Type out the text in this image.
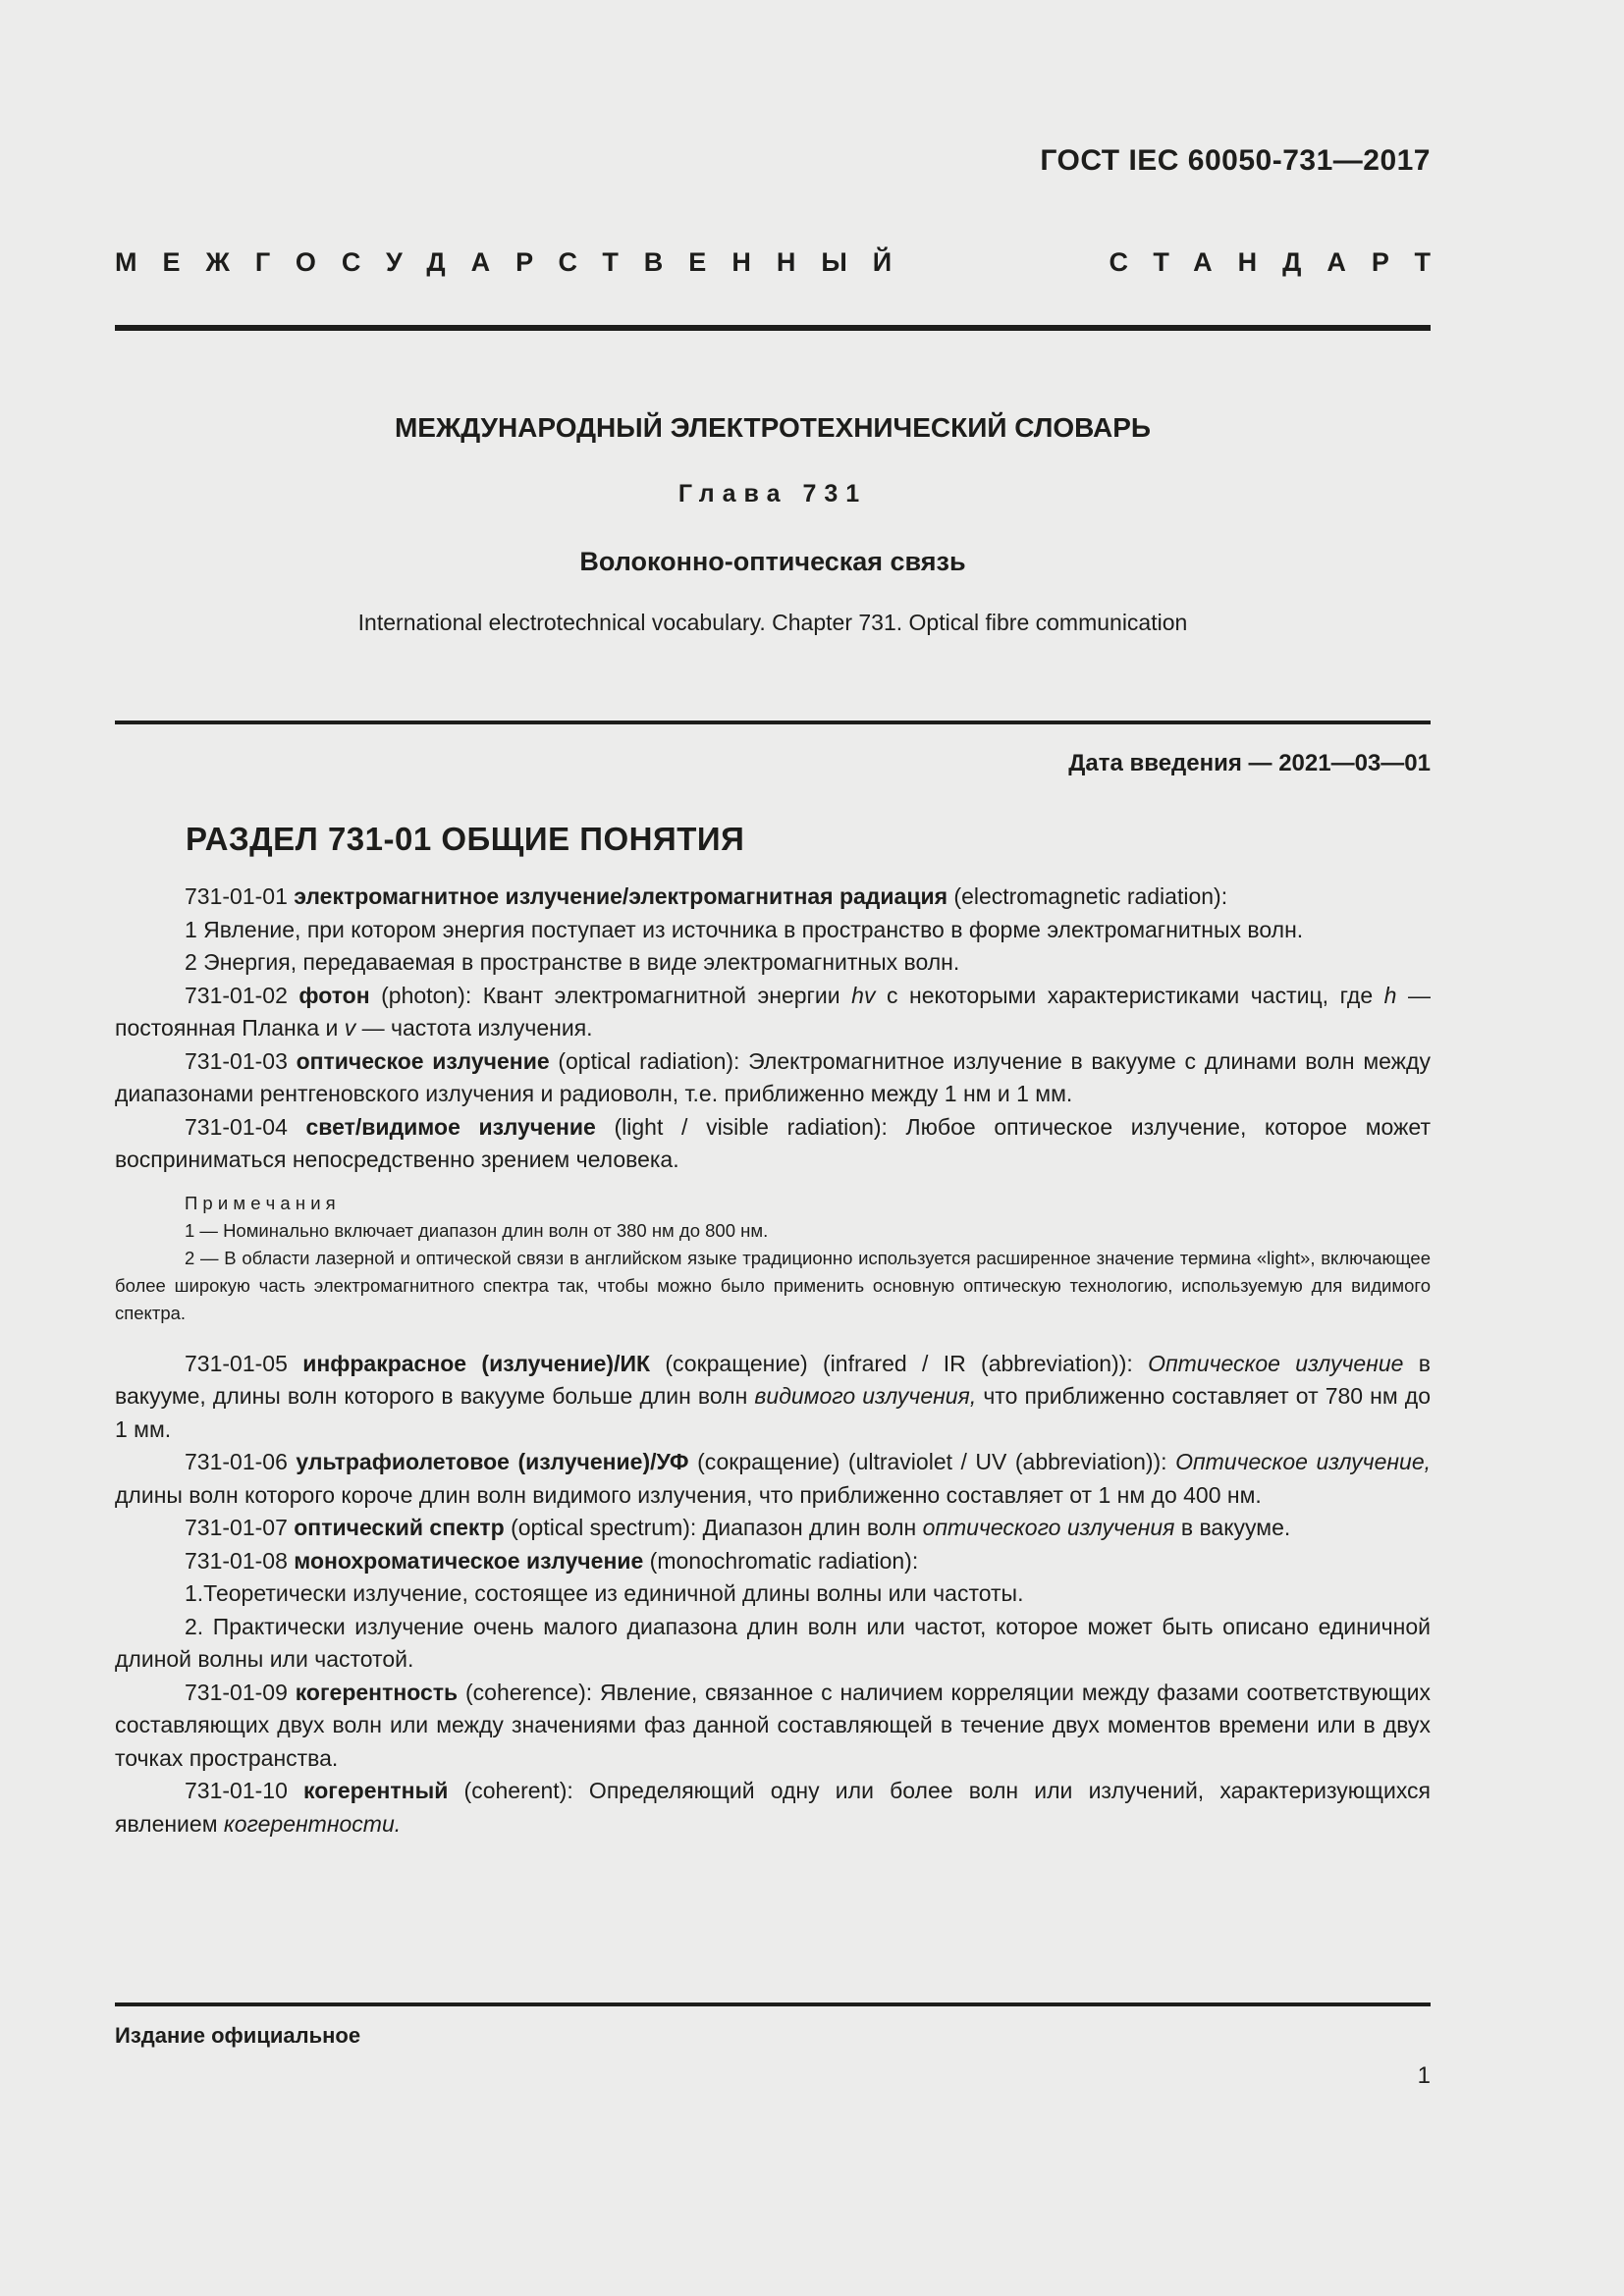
ГОСТ IEC 60050-731—2017
МЕЖГОСУДАРСТВЕННЫЙ	СТАНДАРТ
МЕЖДУНАРОДНЫЙ ЭЛЕКТРОТЕХНИЧЕСКИЙ СЛОВАРЬ
Глава 731
Волоконно-оптическая связь
International electrotechnical vocabulary. Chapter 731. Optical fibre communication
Дата введения — 2021—03—01
РАЗДЕЛ 731-01 ОБЩИЕ ПОНЯТИЯ

731-01-01 электромагнитное излучение/электромагнитная радиация (electromagnetic radiation):

1 Явление, при котором энергия поступает из источника в пространство в форме электромагнитных волн.

2 Энергия, передаваемая в пространстве в виде электромагнитных волн.

731-01-02 фотон (photon): Квант электромагнитной энергии hv с некоторыми характеристиками частиц, где h — постоянная Планка и v — частота излучения.

731-01-03 оптическое излучение (optical radiation): Электромагнитное излучение в вакууме с длинами волн между диапазонами рентгеновского излучения и радиоволн, т.е. приближенно между 1 нм и 1 мм.

731-01-04 свет/видимое излучение (light / visible radiation): Любое оптическое излучение, которое может восприниматься непосредственно зрением человека.

П р и м е ч а н и я

1 — Номинально включает диапазон длин волн от 380 нм до 800 нм.

2 — В области лазерной и оптической связи в английском языке традиционно используется расширенное значение термина «light», включающее более широкую часть электромагнитного спектра так, чтобы можно было применить основную оптическую технологию, используемую для видимого спектра.

731-01-05 инфракрасное (излучение)/ИК (сокращение) (infrared / IR (abbreviation)): Оптическое излучение в вакууме, длины волн которого в вакууме больше длин волн видимого излучения, что приближенно составляет от 780 нм до 1 мм.

731-01-06 ультрафиолетовое (излучение)/УФ (сокращение) (ultraviolet / UV (abbreviation)): Оптическое излучение, длины волн которого короче длин волн видимого излучения, что приближенно составляет от 1 нм до 400 нм.

731-01-07 оптический спектр (optical spectrum): Диапазон длин волн оптического излучения в вакууме.

731-01-08 монохроматическое излучение (monochromatic radiation):

1.Теоретически излучение, состоящее из единичной длины волны или частоты.

2. Практически излучение очень малого диапазона длин волн или частот, которое может быть описано единичной длиной волны или частотой.

731-01-09 когерентность (coherence): Явление, связанное с наличием корреляции между фазами соответствующих составляющих двух волн или между значениями фаз данной составляющей в течение двух моментов времени или в двух точках пространства.

731-01-10 когерентный (coherent): Определяющий одну или более волн или излучений, характеризующихся явлением когерентности.

Издание официальное
1
